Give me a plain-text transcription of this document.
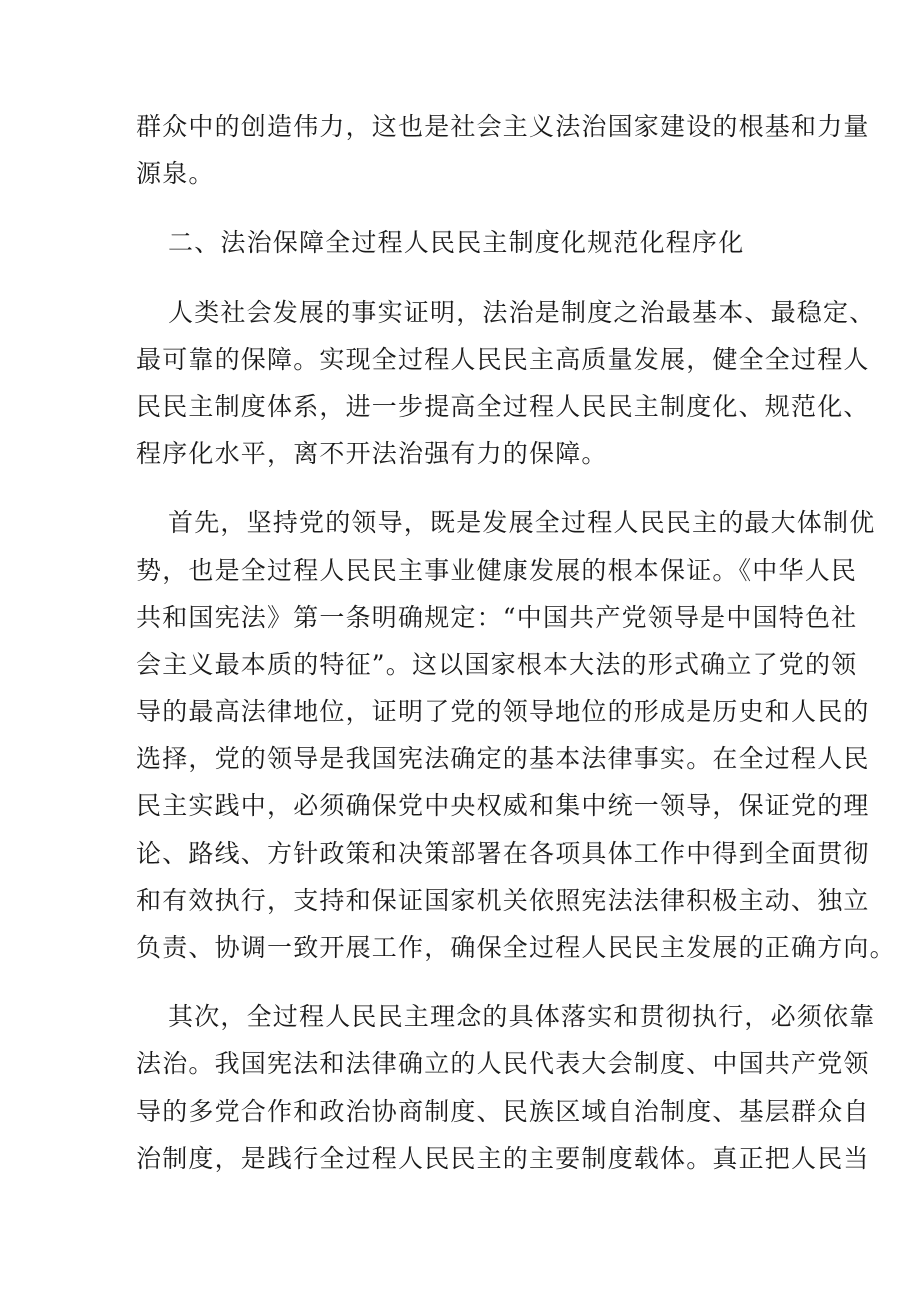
群众中的创造伟力，这也是社会主义法治国家建设的根基和力量
源泉。
二、法治保障全过程人民民主制度化规范化程序化
人类社会发展的事实证明，法治是制度之治最基本、最稳定、
最可靠的保障。实现全过程人民民主高质量发展，健全全过程人
民民主制度体系，进一步提高全过程人民民主制度化、规范化、
程序化水平，离不开法治强有力的保障。
首先，坚持党的领导，既是发展全过程人民民主的最大体制优
势，也是全过程人民民主事业健康发展的根本保证。《中华人民
共和国宪法》第一条明确规定：“中国共产党领导是中国特色社
会主义最本质的特征”。这以国家根本大法的形式确立了党的领
导的最高法律地位，证明了党的领导地位的形成是历史和人民的
选择，党的领导是我国宪法确定的基本法律事实。在全过程人民
民主实践中，必须确保党中央权威和集中统一领导，保证党的理
论、路线、方针政策和决策部署在各项具体工作中得到全面贯彻
和有效执行，支持和保证国家机关依照宪法法律积极主动、独立
负责、协调一致开展工作，确保全过程人民民主发展的正确方向。
其次，全过程人民民主理念的具体落实和贯彻执行，必须依靠
法治。我国宪法和法律确立的人民代表大会制度、中国共产党领
导的多党合作和政治协商制度、民族区域自治制度、基层群众自
治制度，是践行全过程人民民主的主要制度载体。真正把人民当
